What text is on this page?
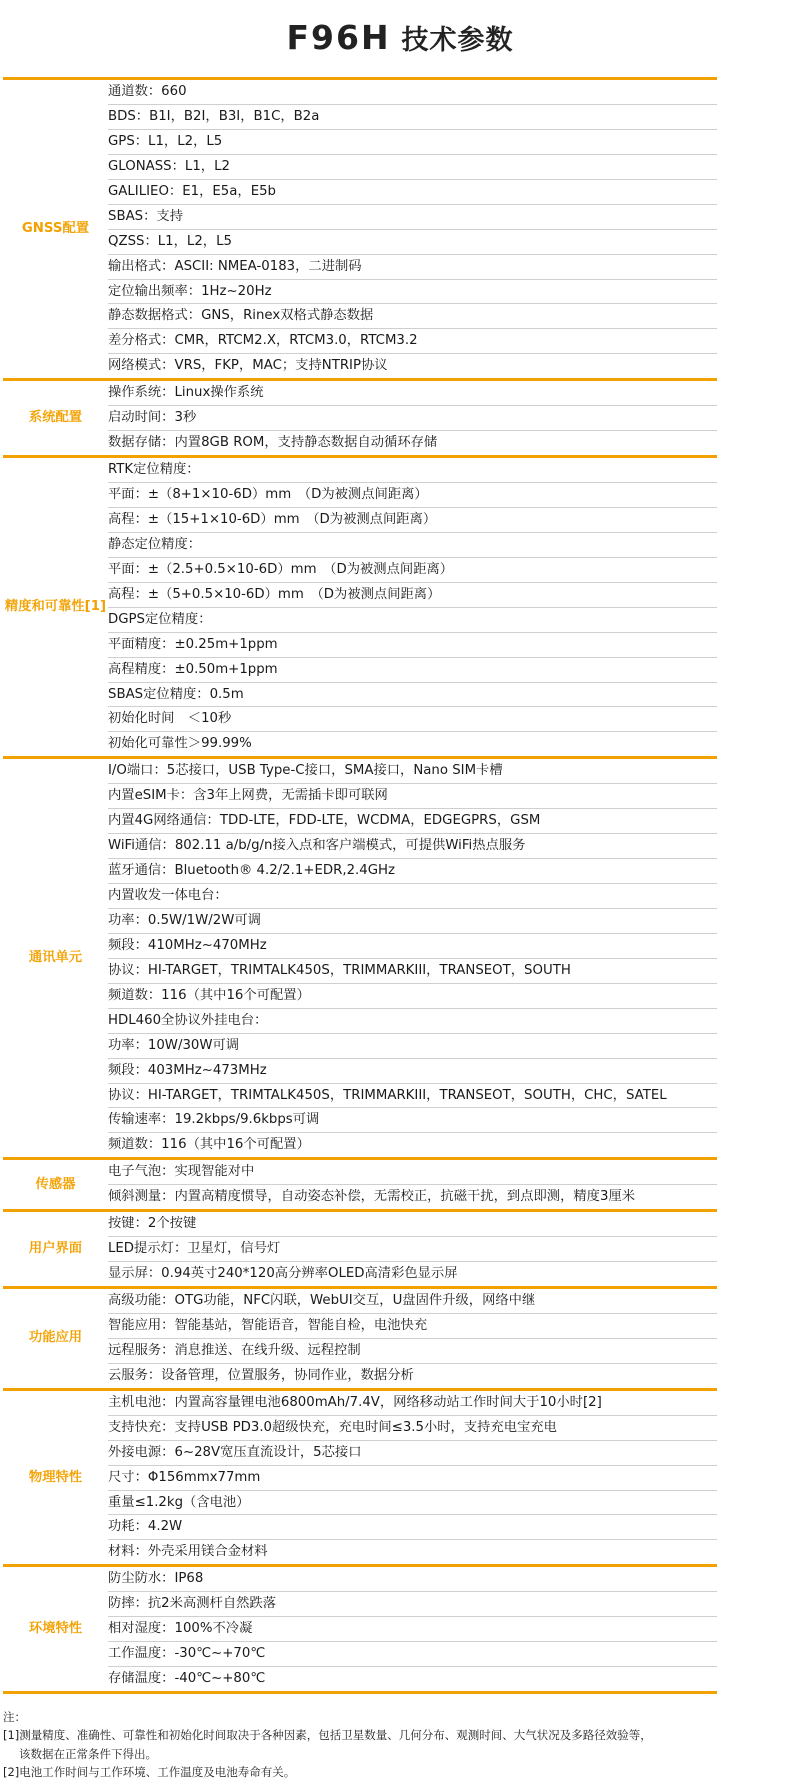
F96H 技术参数
GNSS配置	通道数：660
	BDS：B1I，B2I，B3I，B1C，B2a
	GPS：L1，L2，L5
	GLONASS：L1，L2
	GALILIEO：E1，E5a，E5b
	SBAS：支持
	QZSS：L1，L2，L5
	输出格式：ASCII: NMEA-0183，二进制码
	定位输出频率：1Hz~20Hz
	静态数据格式：GNS，Rinex双格式静态数据
	差分格式：CMR，RTCM2.X，RTCM3.0，RTCM3.2
	网络模式：VRS，FKP，MAC；支持NTRIP协议
系统配置	操作系统：Linux操作系统
	启动时间：3秒
	数据存储：内置8GB ROM，支持静态数据自动循环存储
精度和可靠性[1]	RTK定位精度：
	平面：±（8+1×10-6D）mm　（D为被测点间距离）
	高程：±（15+1×10-6D）mm　（D为被测点间距离）
	静态定位精度：
	平面：±（2.5+0.5×10-6D）mm　（D为被测点间距离）
	高程：±（5+0.5×10-6D）mm　（D为被测点间距离）
	DGPS定位精度：
	平面精度：±0.25m+1ppm
	高程精度：±0.50m+1ppm
	SBAS定位精度：0.5m
	初始化时间　＜10秒
	初始化可靠性＞99.99%
通讯单元	I/O端口：5芯接口，USB Type-C接口，SMA接口，Nano SIM卡槽
	内置eSIM卡：含3年上网费，无需插卡即可联网
	内置4G网络通信：TDD-LTE，FDD-LTE，WCDMA，EDGEGPRS，GSM
	WiFi通信：802.11 a/b/g/n接入点和客户端模式，可提供WiFi热点服务
	蓝牙通信：Bluetooth® 4.2/2.1+EDR,2.4GHz
	内置收发一体电台：
	功率：0.5W/1W/2W可调
	频段：410MHz~470MHz
	协议：HI-TARGET，TRIMTALK450S，TRIMMARKIII，TRANSEOT，SOUTH
	频道数：116（其中16个可配置）
	HDL460全协议外挂电台：
	功率：10W/30W可调
	频段：403MHz~473MHz
	协议：HI-TARGET，TRIMTALK450S，TRIMMARKIII，TRANSEOT，SOUTH，CHC，SATEL
	传输速率：19.2kbps/9.6kbps可调
	频道数：116（其中16个可配置）
传感器	电子气泡：实现智能对中
	倾斜测量：内置高精度惯导，自动姿态补偿，无需校正，抗磁干扰，到点即测，精度3厘米
用户界面	按键：2个按键
	LED提示灯：卫星灯，信号灯
	显示屏：0.94英寸240*120高分辨率OLED高清彩色显示屏
功能应用	高级功能：OTG功能，NFC闪联，WebUI交互，U盘固件升级，网络中继
	智能应用：智能基站，智能语音，智能自检，电池快充
	远程服务：消息推送、在线升级、远程控制
	云服务：设备管理，位置服务，协同作业，数据分析
物理特性	主机电池：内置高容量锂电池6800mAh/7.4V，网络移动站工作时间大于10小时[2]
	支持快充：支持USB PD3.0超级快充，充电时间≤3.5小时，支持充电宝充电
	外接电源：6~28V宽压直流设计，5芯接口
	尺寸：Φ156mmx77mm
	重量≤1.2kg（含电池）
	功耗：4.2W
	材料：外壳采用镁合金材料
环境特性	防尘防水：IP68
	防摔：抗2米高测杆自然跌落
	相对湿度：100%不冷凝
	工作温度：-30℃~+70℃
	存储温度：-40℃~+80℃
注：
[1]测量精度、准确性、可靠性和初始化时间取决于各种因素，包括卫星数量、几何分布、观测时间、大气状况及多路径效验等，
该数据在正常条件下得出。
[2]电池工作时间与工作环境、工作温度及电池寿命有关。
